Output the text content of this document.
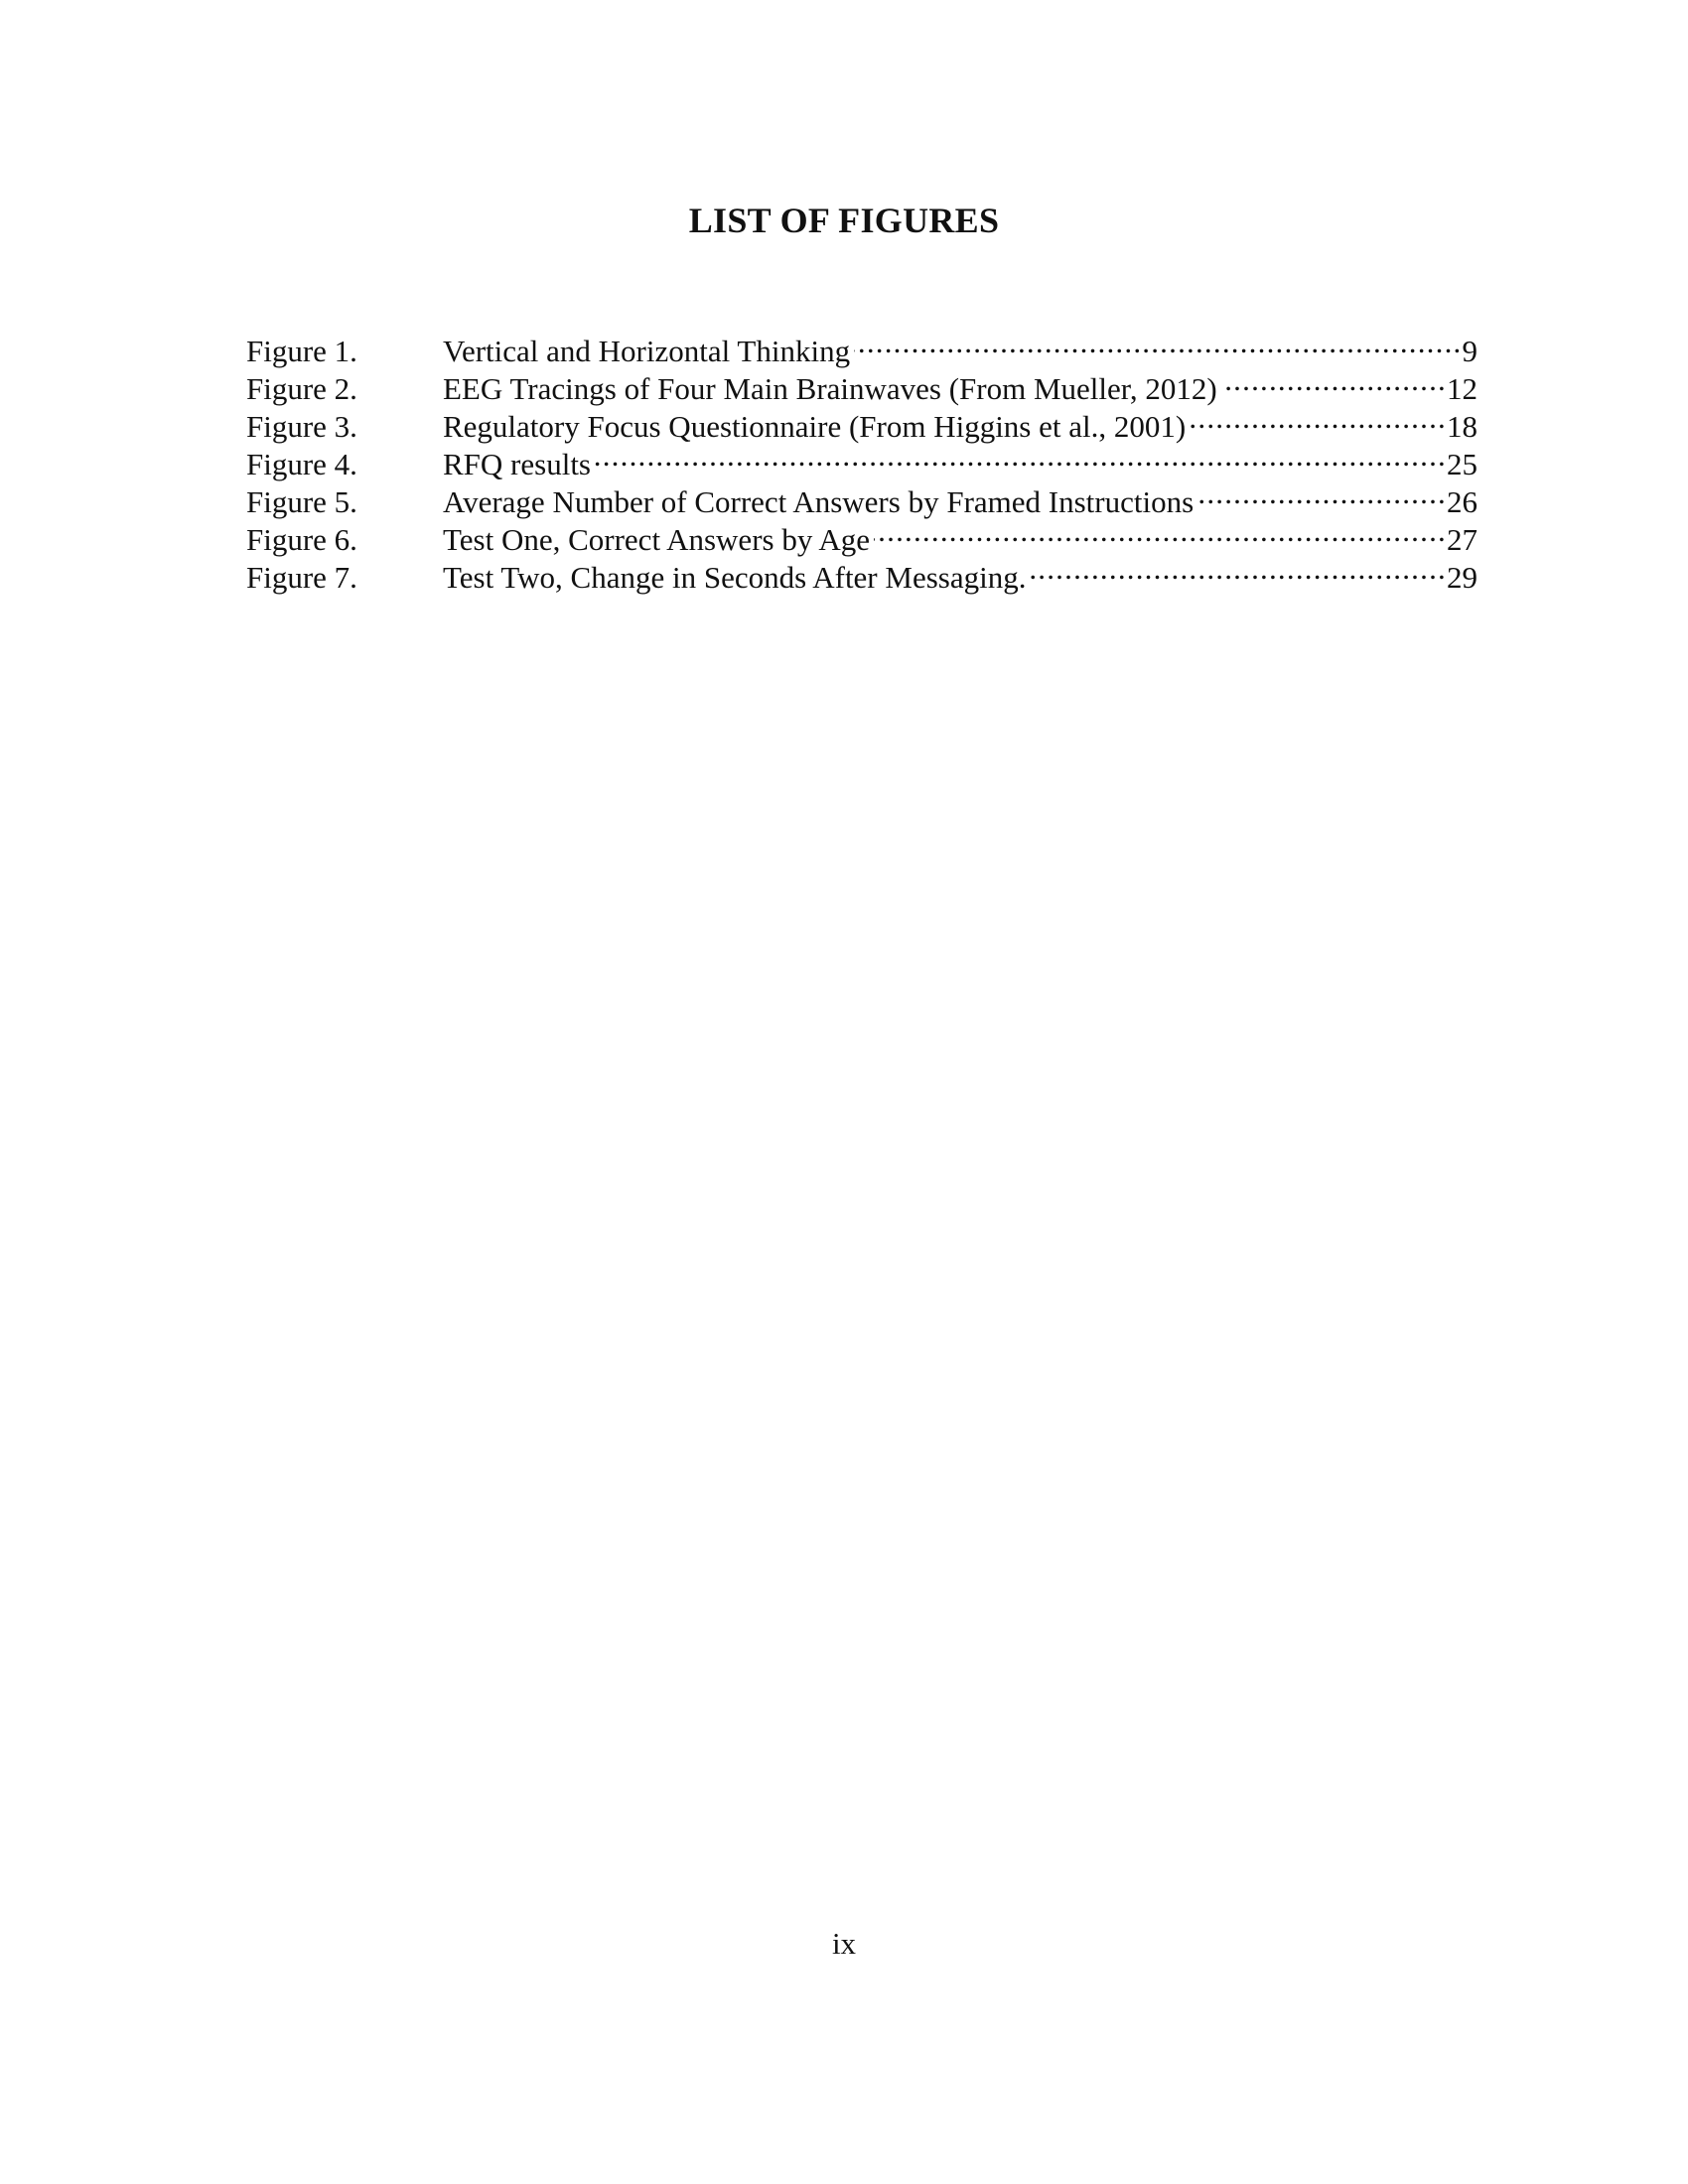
LIST OF FIGURES
Figure 1.	Vertical and Horizontal Thinking .....	9
Figure 2.	EEG Tracings of Four Main Brainwaves (From Mueller, 2012) .....	12
Figure 3.	Regulatory Focus Questionnaire (From Higgins et al., 2001) .....	18
Figure 4.	RFQ results .....	25
Figure 5.	Average Number of Correct Answers by Framed Instructions .....	26
Figure 6.	Test One, Correct Answers by Age .....	27
Figure 7.	Test Two, Change in Seconds After Messaging. .....	29

ix
